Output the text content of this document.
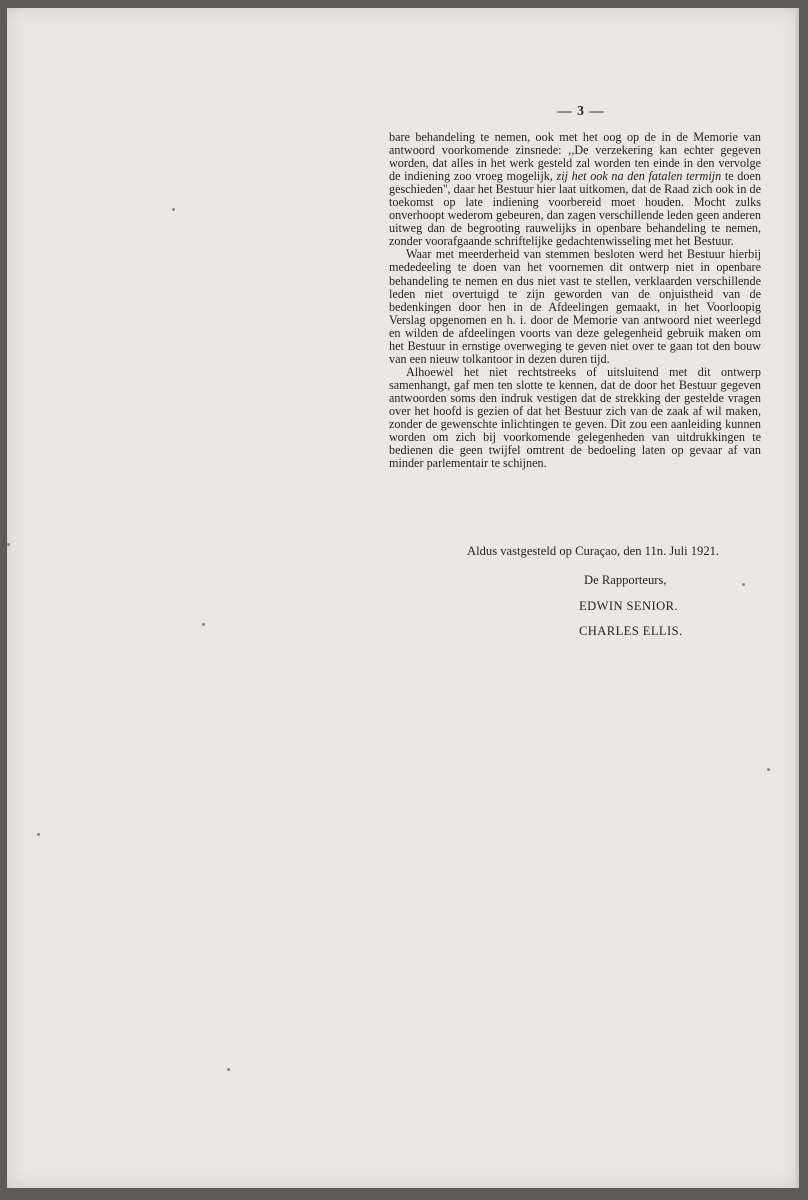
— 3 —

bare behandeling te nemen, ook met het oog op de in de Memorie van antwoord voorkomende zinsnede: ,,De verzekering kan echter gegeven worden, dat alles in het werk gesteld zal worden ten einde in den vervolge de indiening zoo vroeg mogelijk, zij het ook na den fatalen termijn te doen geschieden'', daar het Bestuur hier laat uitkomen, dat de Raad zich ook in de toekomst op late indiening voorbereid moet houden. Mocht zulks onverhoopt wederom gebeuren, dan zagen verschillende leden geen anderen uitweg dan de begrooting rauwelijks in openbare behandeling te nemen, zonder voorafgaande schriftelijke gedachtenwisseling met het Bestuur.

Waar met meerderheid van stemmen besloten werd het Bestuur hierbij mededeeling te doen van het voornemen dit ontwerp niet in openbare behandeling te nemen en dus niet vast te stellen, verklaarden verschillende leden niet overtuigd te zijn geworden van de onjuistheid van de bedenkingen door hen in de Afdeelingen gemaakt, in het Voorloopig Verslag opgenomen en h. i. door de Memorie van antwoord niet weerlegd en wilden de afdeelingen voorts van deze gelegenheid gebruik maken om het Bestuur in ernstige overweging te geven niet over te gaan tot den bouw van een nieuw tolkantoor in dezen duren tijd.

Alhoewel het niet rechtstreeks of uitsluitend met dit ontwerp samenhangt, gaf men ten slotte te kennen, dat de door het Bestuur gegeven antwoorden soms den indruk vestigen dat de strekking der gestelde vragen over het hoofd is gezien of dat het Bestuur zich van de zaak af wil maken, zonder de gewenschte inlichtingen te geven. Dit zou een aanleiding kunnen worden om zich bij voorkomende gelegenheden van uitdrukkingen te bedienen die geen twijfel omtrent de bedoeling laten op gevaar af van minder parlementair te schijnen.

Aldus vastgesteld op Curaçao, den 11n. Juli 1921.
De Rapporteurs,
EDWIN SENIOR.
CHARLES ELLIS.
